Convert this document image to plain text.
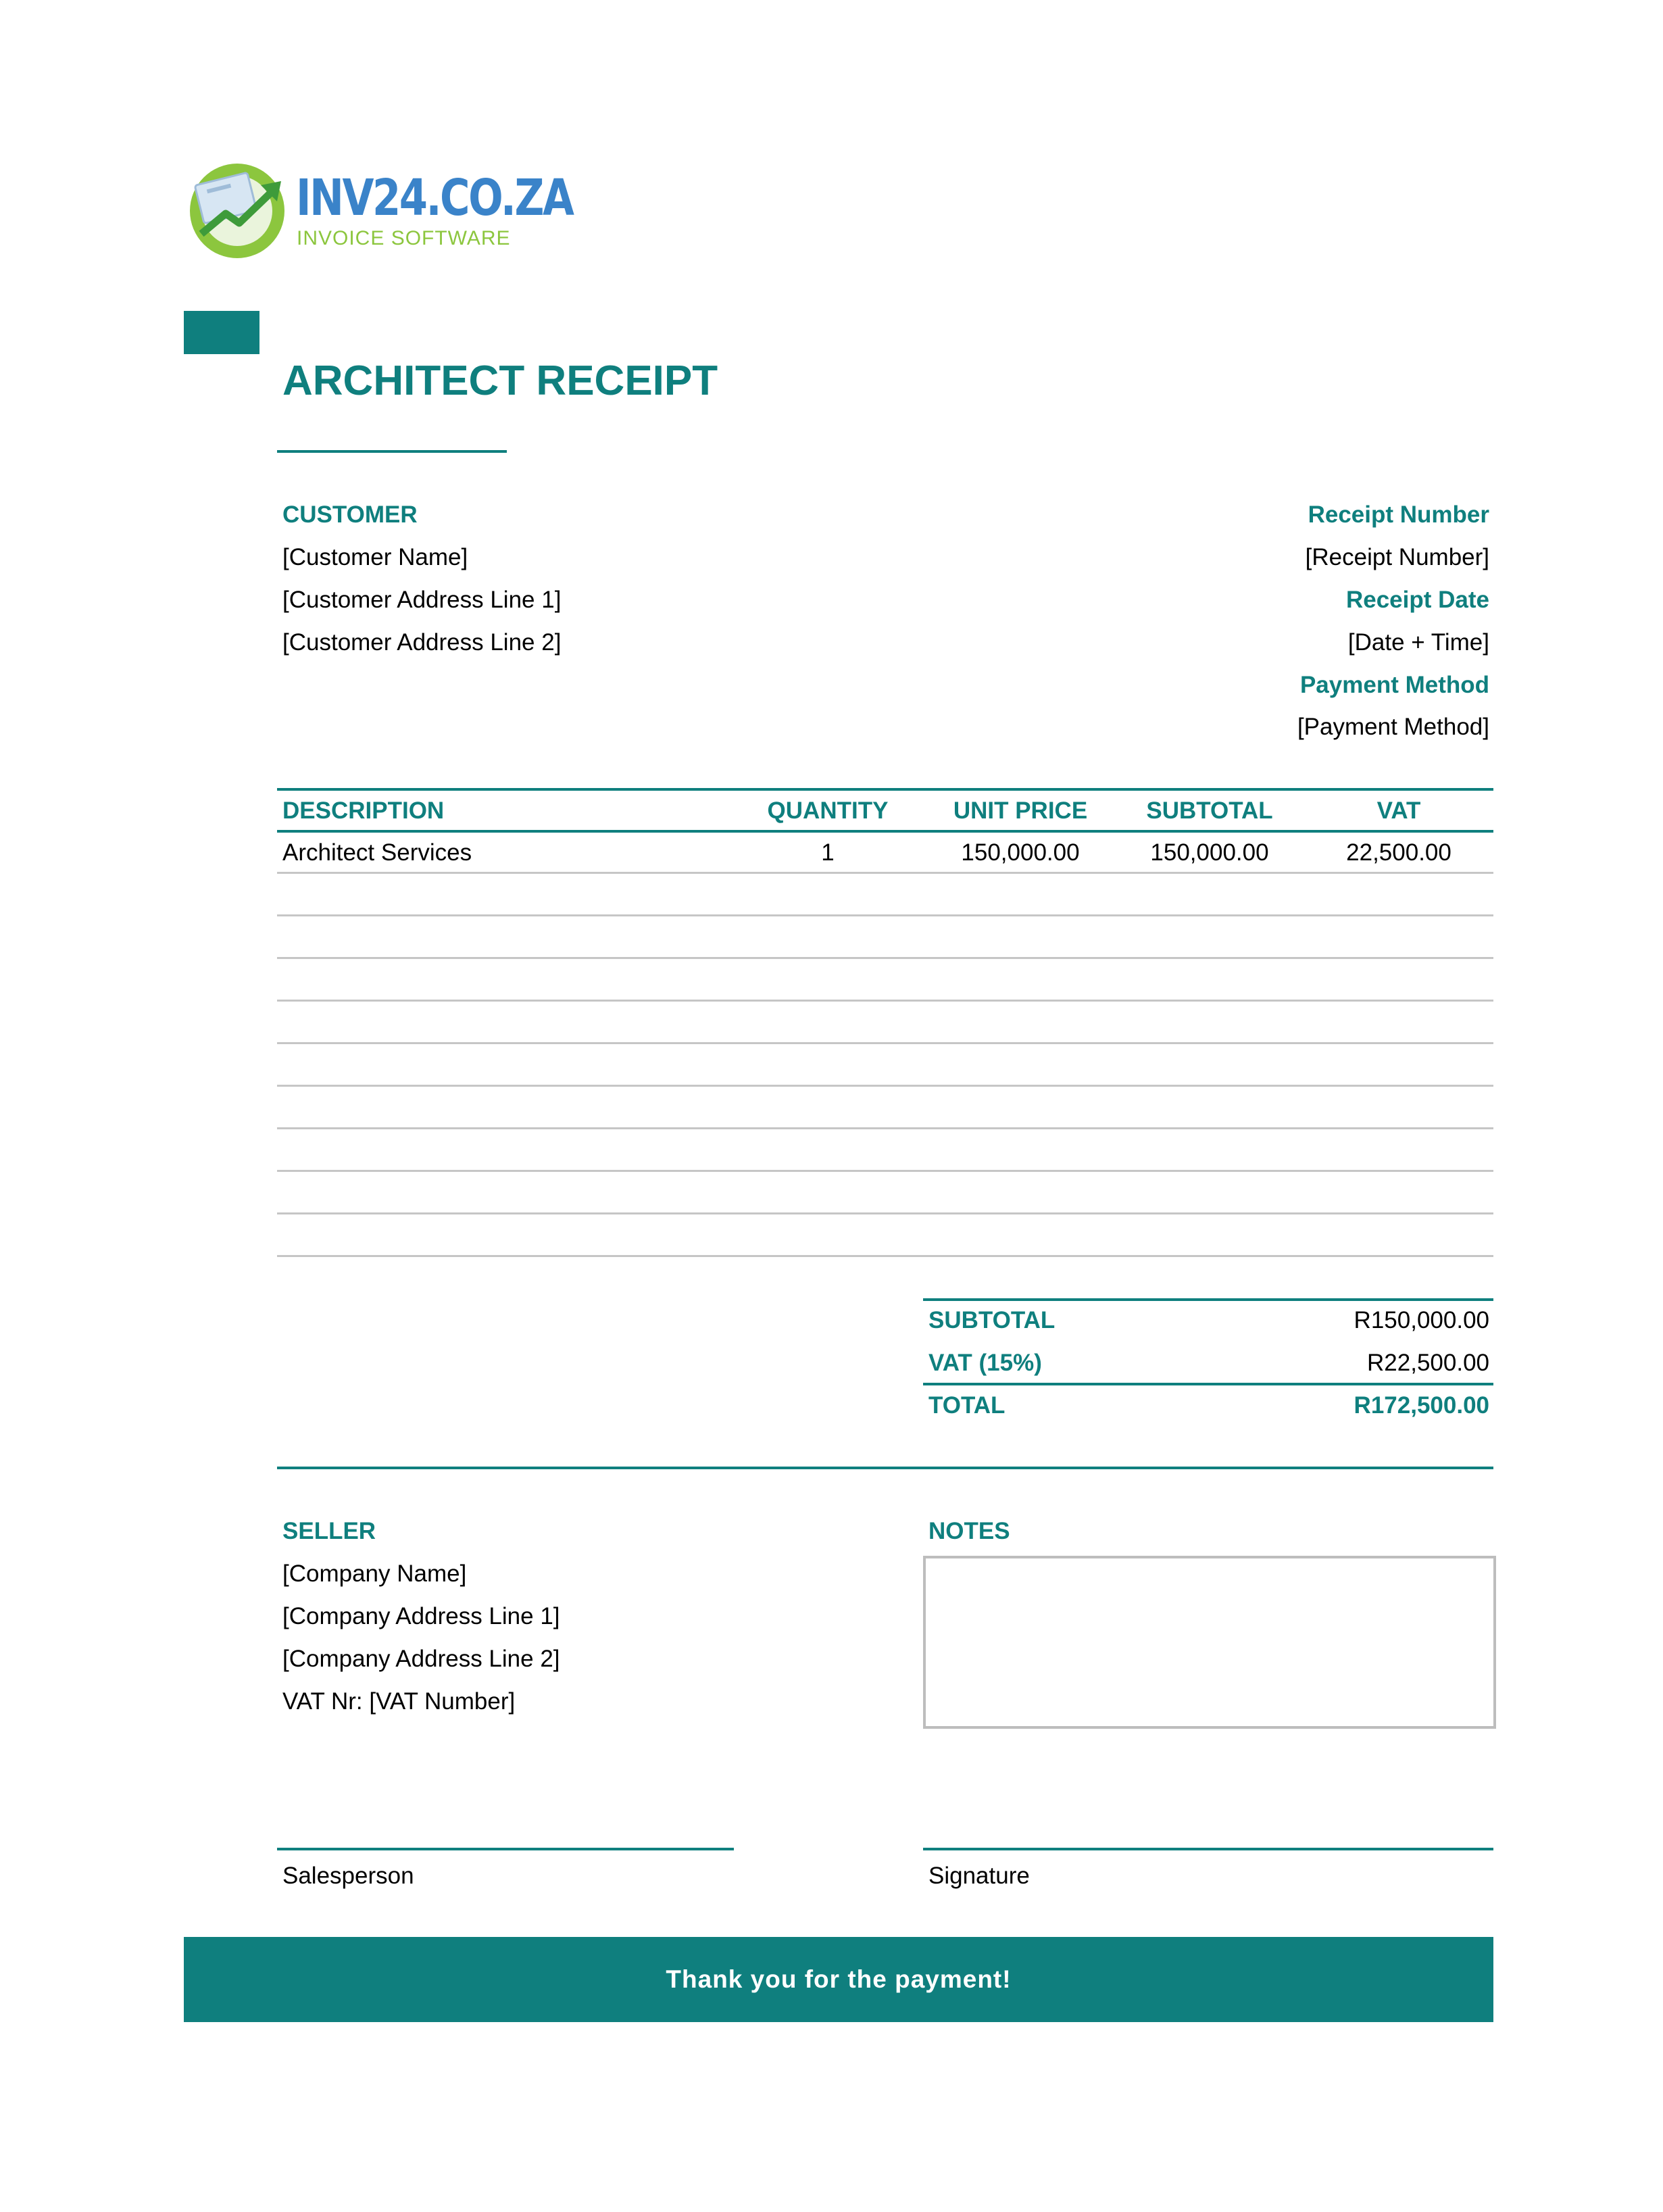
INV24.CO.ZA
INVOICE SOFTWARE
ARCHITECT RECEIPT
CUSTOMER
[Customer Name]
[Customer Address Line 1]
[Customer Address Line 2]
Receipt Number
[Receipt Number]
Receipt Date
[Date + Time]
Payment Method
[Payment Method]
DESCRIPTION	QUANTITY	UNIT PRICE	SUBTOTAL	VAT
Architect Services	1	150,000.00	150,000.00	22,500.00
SUBTOTAL	R150,000.00
VAT (15%)	R22,500.00
TOTAL	R172,500.00
SELLER
[Company Name]
[Company Address Line 1]
[Company Address Line 2]
VAT Nr: [VAT Number]
NOTES
Salesperson	Signature
Thank you for the payment!
